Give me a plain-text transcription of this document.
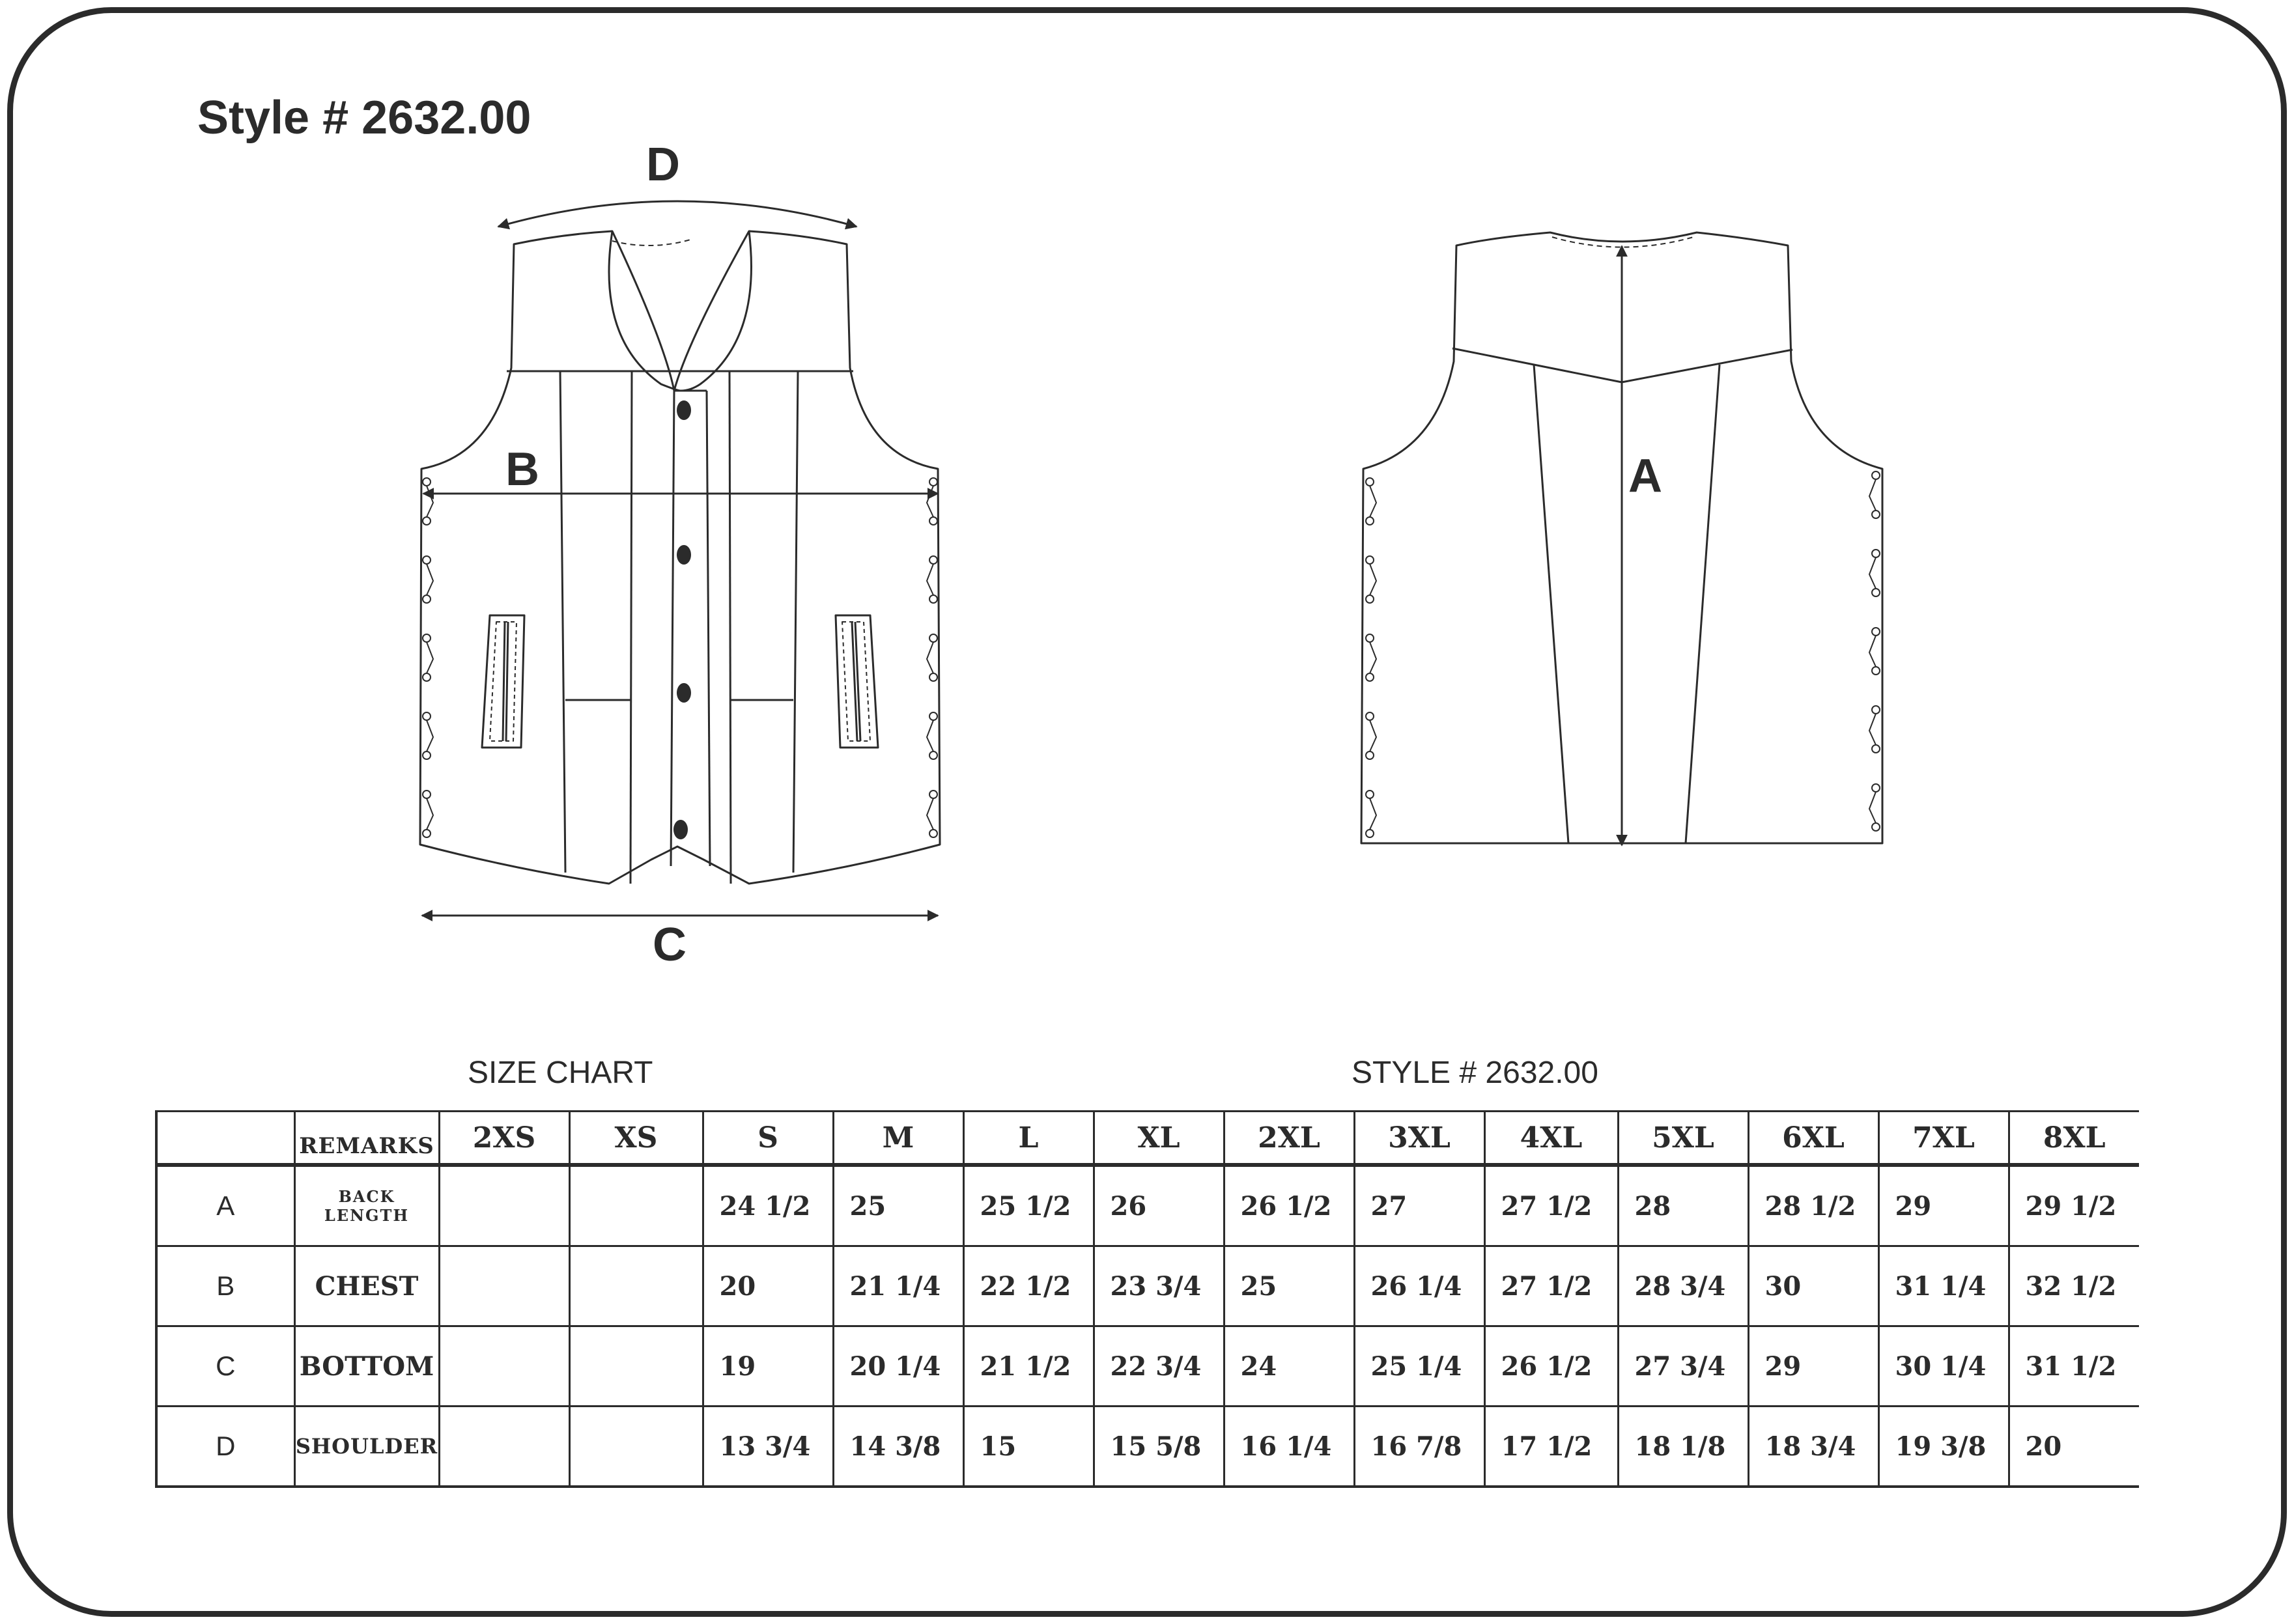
Style # 2632.00
D
B
C
A
SIZE CHART	STYLE # 2632.00
	REMARKS	2XS	XS	S	M	L	XL	2XL	3XL	4XL	5XL	6XL	7XL	8XL
A	BACK LENGTH			24 1/2	25	25 1/2	26	26 1/2	27	27 1/2	28	28 1/2	29	29 1/2
B	CHEST			20	21 1/4	22 1/2	23 3/4	25	26 1/4	27 1/2	28 3/4	30	31 1/4	32 1/2
C	BOTTOM			19	20 1/4	21 1/2	22 3/4	24	25 1/4	26 1/2	27 3/4	29	30 1/4	31 1/2
D	SHOULDER			13 3/4	14 3/8	15	15 5/8	16 1/4	16 7/8	17 1/2	18 1/8	18 3/4	19 3/8	20
